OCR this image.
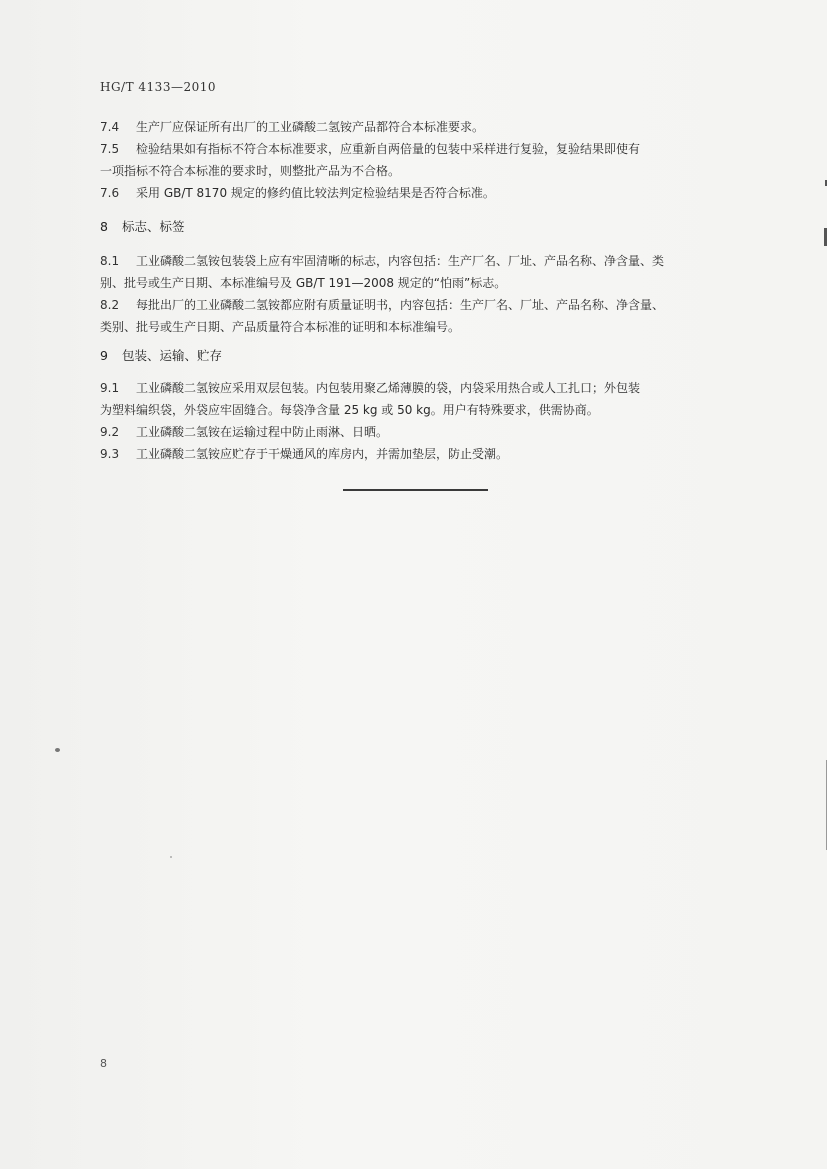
HG/T 4133—2010
7.4 生产厂应保证所有出厂的工业磷酸二氢铵产品都符合本标准要求。
7.5 检验结果如有指标不符合本标准要求，应重新自两倍量的包装中采样进行复验，复验结果即使有
一项指标不符合本标准的要求时，则整批产品为不合格。
7.6 采用 GB/T 8170 规定的修约值比较法判定检验结果是否符合标准。
8 标志、标签
8.1 工业磷酸二氢铵包装袋上应有牢固清晰的标志，内容包括：生产厂名、厂址、产品名称、净含量、类
别、批号或生产日期、本标准编号及 GB/T 191—2008 规定的“怕雨”标志。
8.2 每批出厂的工业磷酸二氢铵都应附有质量证明书，内容包括：生产厂名、厂址、产品名称、净含量、
类别、批号或生产日期、产品质量符合本标准的证明和本标准编号。
9 包装、运输、贮存
9.1 工业磷酸二氢铵应采用双层包装。内包装用聚乙烯薄膜的袋，内袋采用热合或人工扎口；外包装
为塑料编织袋，外袋应牢固缝合。每袋净含量 25 kg 或 50 kg。用户有特殊要求，供需协商。
9.2 工业磷酸二氢铵在运输过程中防止雨淋、日晒。
9.3 工业磷酸二氢铵应贮存于干燥通风的库房内，并需加垫层，防止受潮。
8
